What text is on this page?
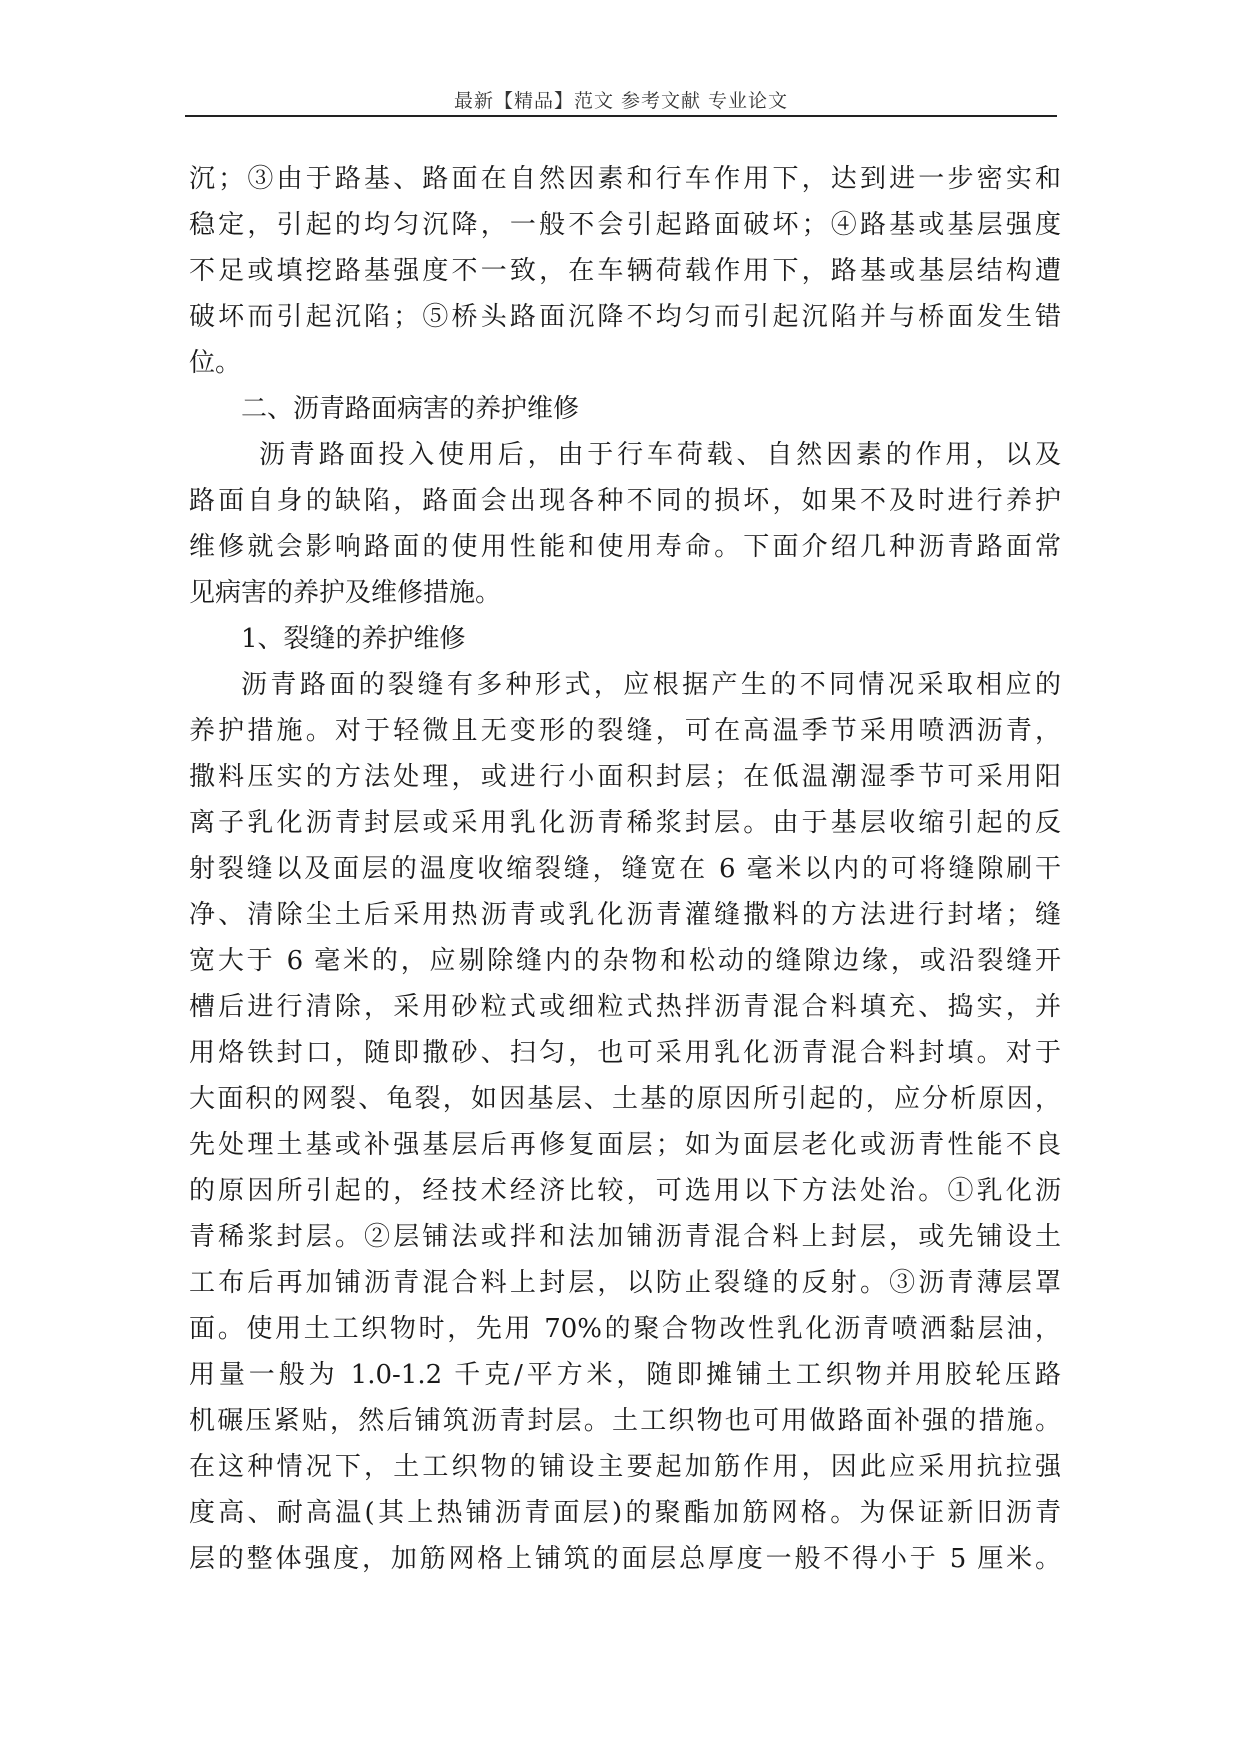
最新【精品】范文 参考文献 专业论文
沉；③由于路基、路面在自然因素和行车作用下，达到进一步密实和
稳定，引起的均匀沉降，一般不会引起路面破坏；④路基或基层强度
不足或填挖路基强度不一致，在车辆荷载作用下，路基或基层结构遭
破坏而引起沉陷；⑤桥头路面沉降不均匀而引起沉陷并与桥面发生错
位。
二、沥青路面病害的养护维修
沥青路面投入使用后，由于行车荷载、自然因素的作用，以及
路面自身的缺陷，路面会出现各种不同的损坏，如果不及时进行养护
维修就会影响路面的使用性能和使用寿命。下面介绍几种沥青路面常
见病害的养护及维修措施。
1、裂缝的养护维修
沥青路面的裂缝有多种形式，应根据产生的不同情况采取相应的
养护措施。对于轻微且无变形的裂缝，可在高温季节采用喷洒沥青，
撒料压实的方法处理，或进行小面积封层；在低温潮湿季节可采用阳
离子乳化沥青封层或采用乳化沥青稀浆封层。由于基层收缩引起的反
射裂缝以及面层的温度收缩裂缝，缝宽在 6 毫米以内的可将缝隙刷干
净、清除尘土后采用热沥青或乳化沥青灌缝撒料的方法进行封堵；缝
宽大于 6 毫米的，应剔除缝内的杂物和松动的缝隙边缘，或沿裂缝开
槽后进行清除，采用砂粒式或细粒式热拌沥青混合料填充、捣实，并
用烙铁封口，随即撒砂、扫匀，也可采用乳化沥青混合料封填。对于
大面积的网裂、龟裂，如因基层、土基的原因所引起的，应分析原因，
先处理土基或补强基层后再修复面层；如为面层老化或沥青性能不良
的原因所引起的，经技术经济比较，可选用以下方法处治。①乳化沥
青稀浆封层。②层铺法或拌和法加铺沥青混合料上封层，或先铺设土
工布后再加铺沥青混合料上封层，以防止裂缝的反射。③沥青薄层罩
面。使用土工织物时，先用 70%的聚合物改性乳化沥青喷洒黏层油，
用量一般为 1.0-1.2 千克/平方米，随即摊铺土工织物并用胶轮压路
机碾压紧贴，然后铺筑沥青封层。土工织物也可用做路面补强的措施。
在这种情况下，土工织物的铺设主要起加筋作用，因此应采用抗拉强
度高、耐高温(其上热铺沥青面层)的聚酯加筋网格。为保证新旧沥青
层的整体强度，加筋网格上铺筑的面层总厚度一般不得小于 5 厘米。
